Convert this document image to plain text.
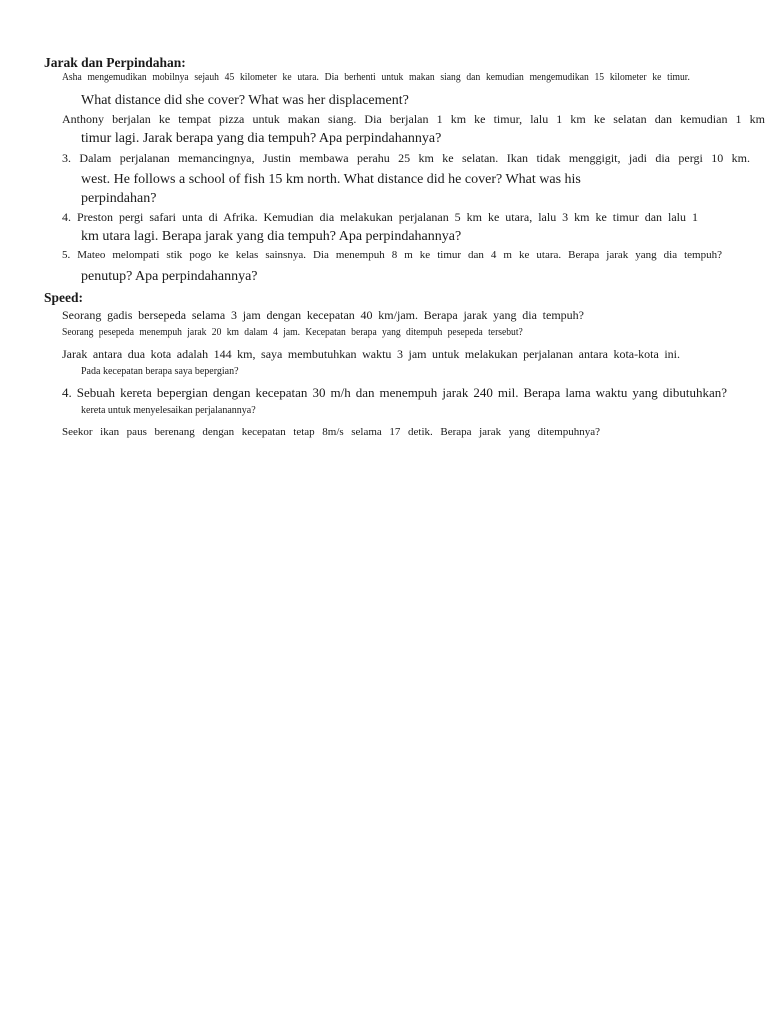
Jarak dan Perpindahan:
Asha mengemudikan mobilnya sejauh 45 kilometer ke utara. Dia berhenti untuk makan siang dan kemudian mengemudikan 15 kilometer ke timur.
What distance did she cover? What was her displacement?
Anthony berjalan ke tempat pizza untuk makan siang. Dia berjalan 1 km ke timur, lalu 1 km ke selatan dan kemudian 1 km
timur lagi. Jarak berapa yang dia tempuh? Apa perpindahannya?
3. Dalam perjalanan memancingnya, Justin membawa perahu 25 km ke selatan. Ikan tidak menggigit, jadi dia pergi 10 km.
west. He follows a school of fish 15 km north. What distance did he cover? What was his
perpindahan?
4. Preston pergi safari unta di Afrika. Kemudian dia melakukan perjalanan 5 km ke utara, lalu 3 km ke timur dan lalu 1
km utara lagi. Berapa jarak yang dia tempuh? Apa perpindahannya?
5. Mateo melompati stik pogo ke kelas sainsnya. Dia menempuh 8 m ke timur dan 4 m ke utara. Berapa jarak yang dia tempuh?
penutup? Apa perpindahannya?
Speed:
Seorang gadis bersepeda selama 3 jam dengan kecepatan 40 km/jam. Berapa jarak yang dia tempuh?
Seorang pesepeda menempuh jarak 20 km dalam 4 jam. Kecepatan berapa yang ditempuh pesepeda tersebut?
Jarak antara dua kota adalah 144 km, saya membutuhkan waktu 3 jam untuk melakukan perjalanan antara kota-kota ini.
Pada kecepatan berapa saya bepergian?
4. Sebuah kereta bepergian dengan kecepatan 30 m/h dan menempuh jarak 240 mil. Berapa lama waktu yang dibutuhkan?
kereta untuk menyelesaikan perjalanannya?
Seekor ikan paus berenang dengan kecepatan tetap 8m/s selama 17 detik. Berapa jarak yang ditempuhnya?
